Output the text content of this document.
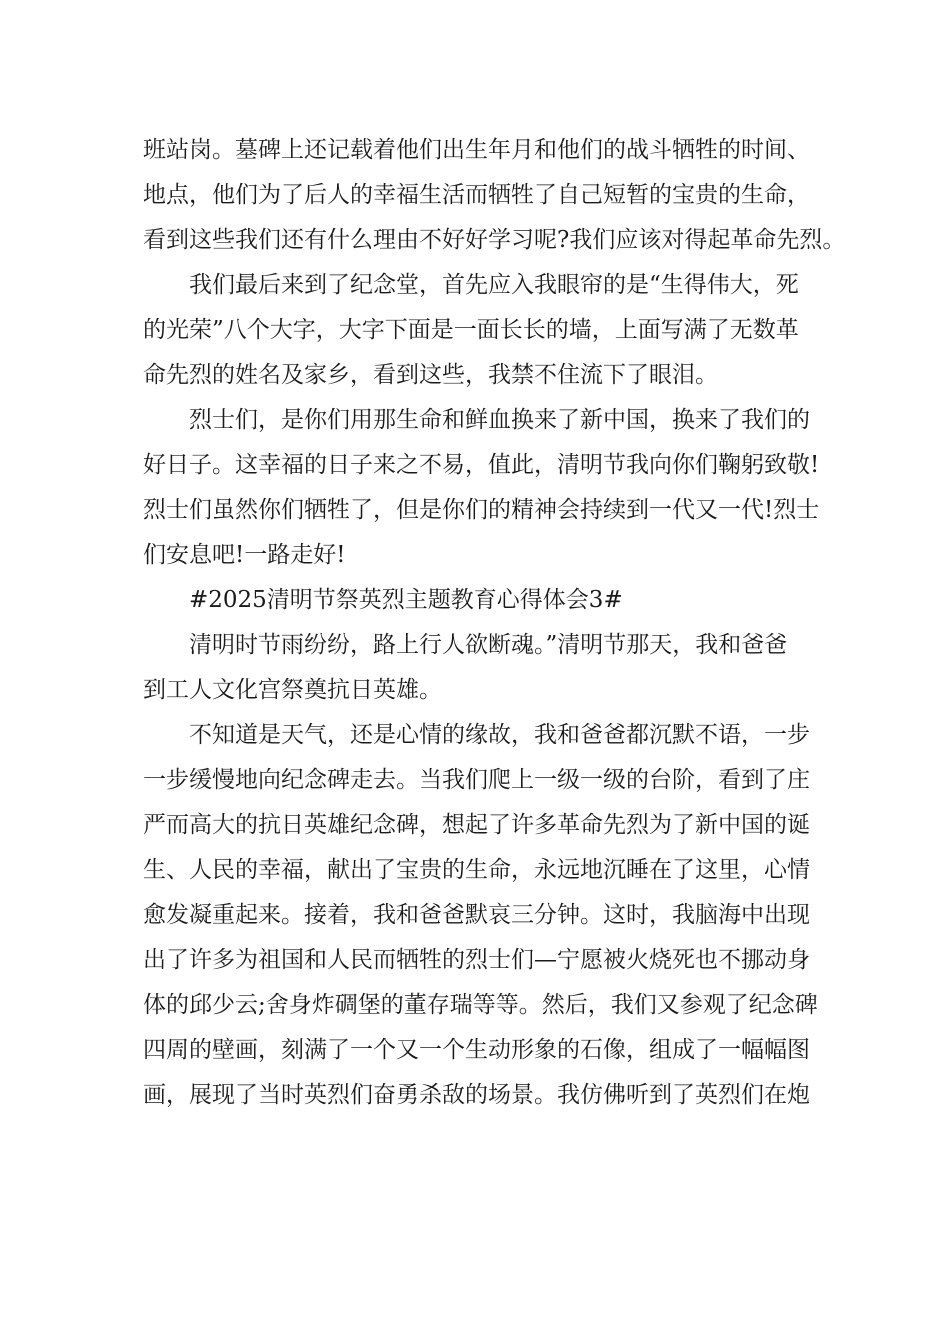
班站岗。墓碑上还记载着他们出生年月和他们的战斗牺牲的时间、
地点，他们为了后人的幸福生活而牺牲了自己短暂的宝贵的生命，
看到这些我们还有什么理由不好好学习呢?我们应该对得起革命先烈。
我们最后来到了纪念堂，首先应入我眼帘的是“生得伟大，死
的光荣”八个大字，大字下面是一面长长的墙，上面写满了无数革
命先烈的姓名及家乡，看到这些，我禁不住流下了眼泪。
烈士们，是你们用那生命和鲜血换来了新中国，换来了我们的
好日子。这幸福的日子来之不易，值此，清明节我向你们鞠躬致敬!
烈士们虽然你们牺牲了，但是你们的精神会持续到一代又一代!烈士
们安息吧!一路走好!
#2025清明节祭英烈主题教育心得体会3#
清明时节雨纷纷，路上行人欲断魂。”清明节那天，我和爸爸
到工人文化宫祭奠抗日英雄。
不知道是天气，还是心情的缘故，我和爸爸都沉默不语，一步
一步缓慢地向纪念碑走去。当我们爬上一级一级的台阶，看到了庄
严而高大的抗日英雄纪念碑，想起了许多革命先烈为了新中国的诞
生、人民的幸福，献出了宝贵的生命，永远地沉睡在了这里，心情
愈发凝重起来。接着，我和爸爸默哀三分钟。这时，我脑海中出现
出了许多为祖国和人民而牺牲的烈士们—宁愿被火烧死也不挪动身
体的邱少云;舍身炸碉堡的董存瑞等等。然后，我们又参观了纪念碑
四周的壁画，刻满了一个又一个生动形象的石像，组成了一幅幅图
画，展现了当时英烈们奋勇杀敌的场景。我仿佛听到了英烈们在炮
